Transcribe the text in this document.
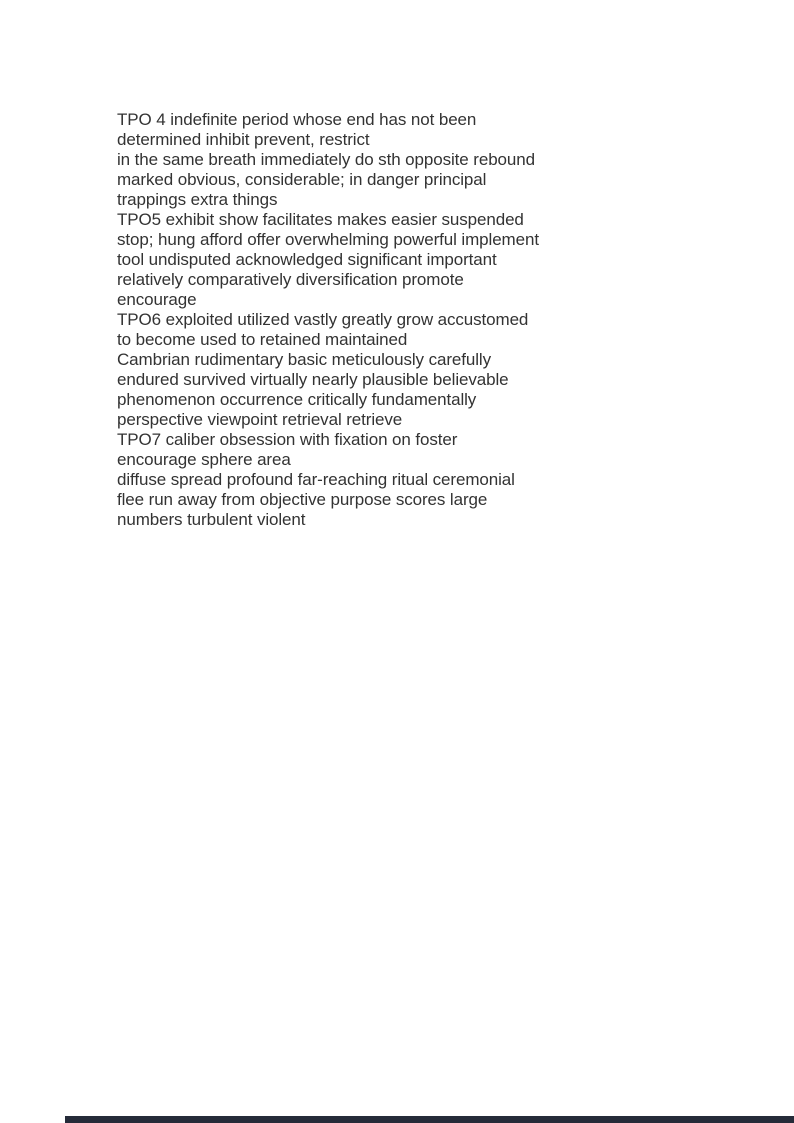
TPO 4 indefinite period whose end has not been

determined inhibit prevent, restrict

in the same breath immediately do sth opposite rebound

marked obvious, considerable; in danger principal

trappings extra things

TPO5 exhibit show facilitates makes easier suspended

stop; hung afford offer overwhelming powerful implement

tool undisputed acknowledged significant important

relatively comparatively diversification promote

encourage

TPO6 exploited utilized vastly greatly grow accustomed

to become used to retained maintained

Cambrian rudimentary basic meticulously carefully

endured survived virtually nearly plausible believable

phenomenon occurrence critically fundamentally

perspective viewpoint retrieval retrieve

TPO7 caliber obsession with fixation on foster

encourage sphere area

diffuse spread profound far-reaching ritual ceremonial

flee run away from objective purpose scores large

numbers turbulent violent
